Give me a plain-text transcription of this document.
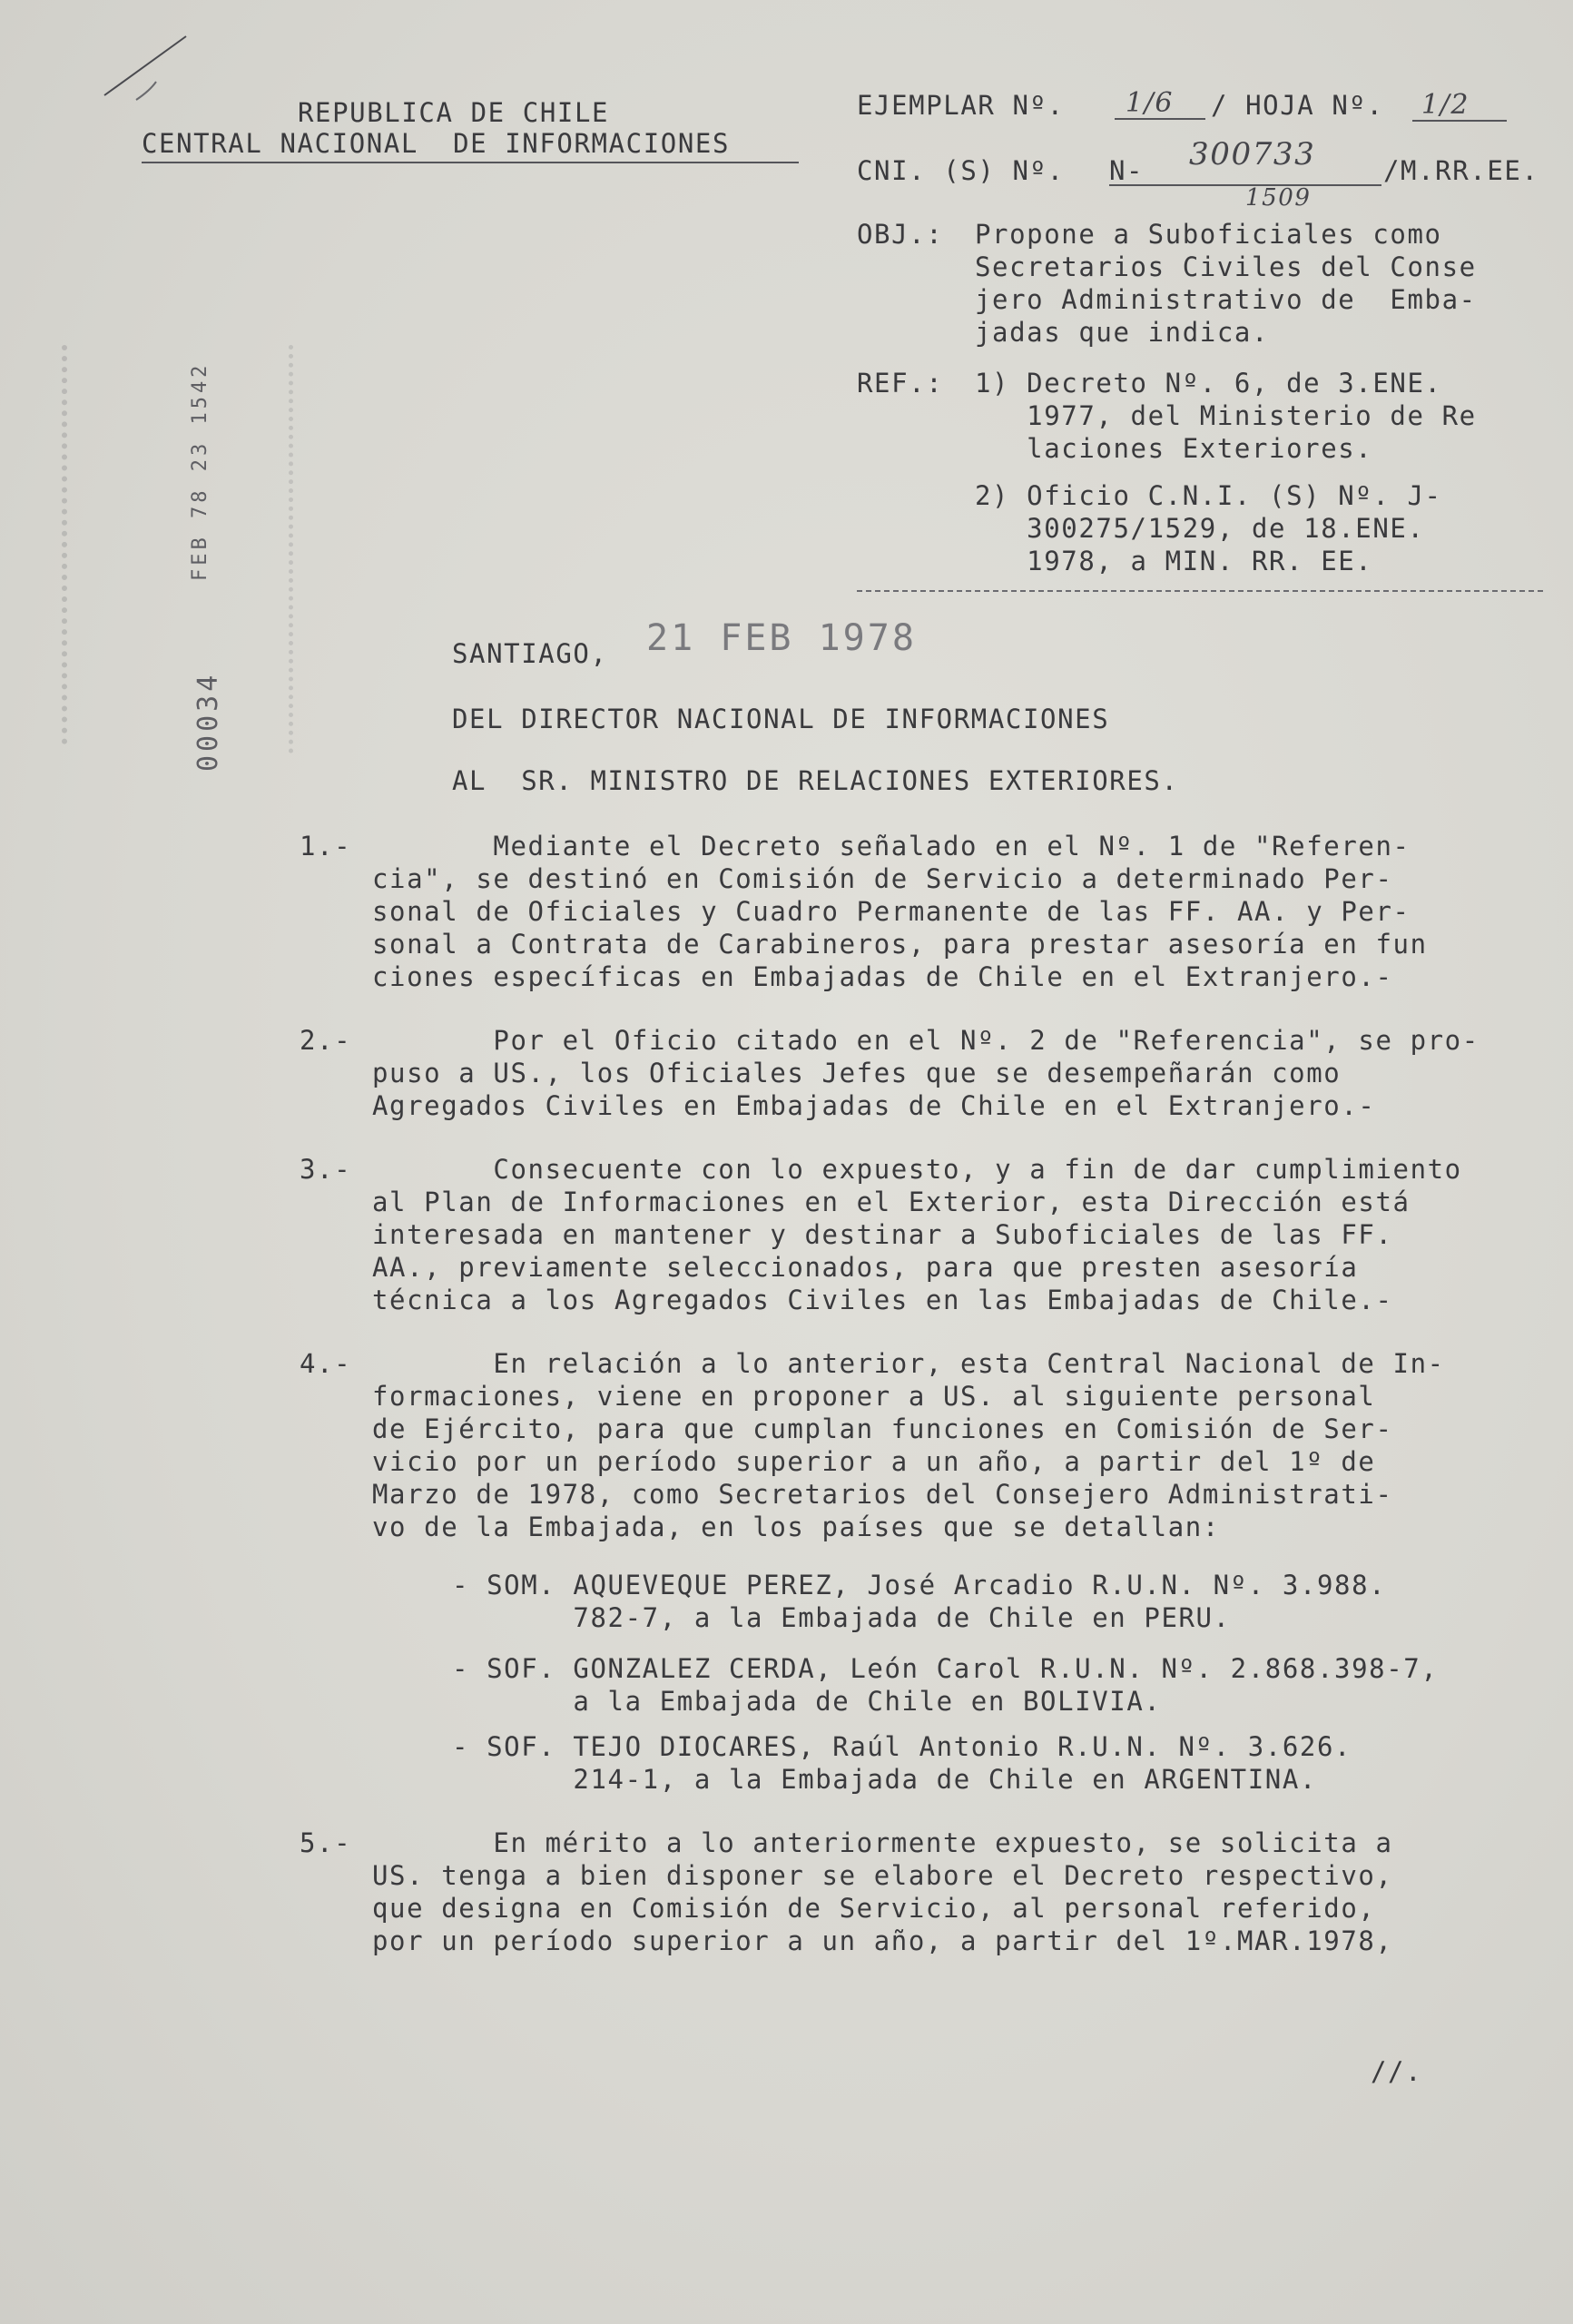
REPUBLICA DE CHILE
CENTRAL NACIONAL  DE INFORMACIONES
EJEMPLAR Nº. 1/6 / HOJA Nº. 1/2
CNI. (S) Nº. N- 300733	/M.RR.EE.
1509
OBJ.: Propone a Suboficiales como
Secretarios Civiles del Conse
jero Administrativo de  Emba-
jadas que indica.
REF.: 1) Decreto Nº. 6, de 3.ENE.
1977, del Ministerio de Re
laciones Exteriores.
2) Oficio C.N.I. (S) Nº. J-
300275/1529, de 18.ENE.
1978, a MIN. RR. EE.
00034
FEB 78 23 1542
SANTIAGO, 21 FEB 1978
DEL DIRECTOR NACIONAL DE INFORMACIONES
AL  SR. MINISTRO DE RELACIONES EXTERIORES.
1.- Mediante el Decreto señalado en el Nº. 1 de "Referen-
cia", se destinó en Comisión de Servicio a determinado Per-
sonal de Oficiales y Cuadro Permanente de las FF. AA. y Per-
sonal a Contrata de Carabineros, para prestar asesoría en fun
ciones específicas en Embajadas de Chile en el Extranjero.-
2.- Por el Oficio citado en el Nº. 2 de "Referencia", se pro-
puso a US., los Oficiales Jefes que se desempeñarán como
Agregados Civiles en Embajadas de Chile en el Extranjero.-
3.- Consecuente con lo expuesto, y a fin de dar cumplimiento
al Plan de Informaciones en el Exterior, esta Dirección está
interesada en mantener y destinar a Suboficiales de las FF.
AA., previamente seleccionados, para que presten asesoría
técnica a los Agregados Civiles en las Embajadas de Chile.-
4.- En relación a lo anterior, esta Central Nacional de In-
formaciones, viene en proponer a US. al siguiente personal
de Ejército, para que cumplan funciones en Comisión de Ser-
vicio por un período superior a un año, a partir del 1º de
Marzo de 1978, como Secretarios del Consejero Administrati-
vo de la Embajada, en los países que se detallan:
- SOM. AQUEVEQUE PEREZ, José Arcadio R.U.N. Nº. 3.988.
782-7, a la Embajada de Chile en PERU.
- SOF. GONZALEZ CERDA, León Carol R.U.N. Nº. 2.868.398-7,
a la Embajada de Chile en BOLIVIA.
- SOF. TEJO DIOCARES, Raúl Antonio R.U.N. Nº. 3.626.
214-1, a la Embajada de Chile en ARGENTINA.
5.- En mérito a lo anteriormente expuesto, se solicita a
US. tenga a bien disponer se elabore el Decreto respectivo,
que designa en Comisión de Servicio, al personal referido,
por un período superior a un año, a partir del 1º.MAR.1978,
//.
